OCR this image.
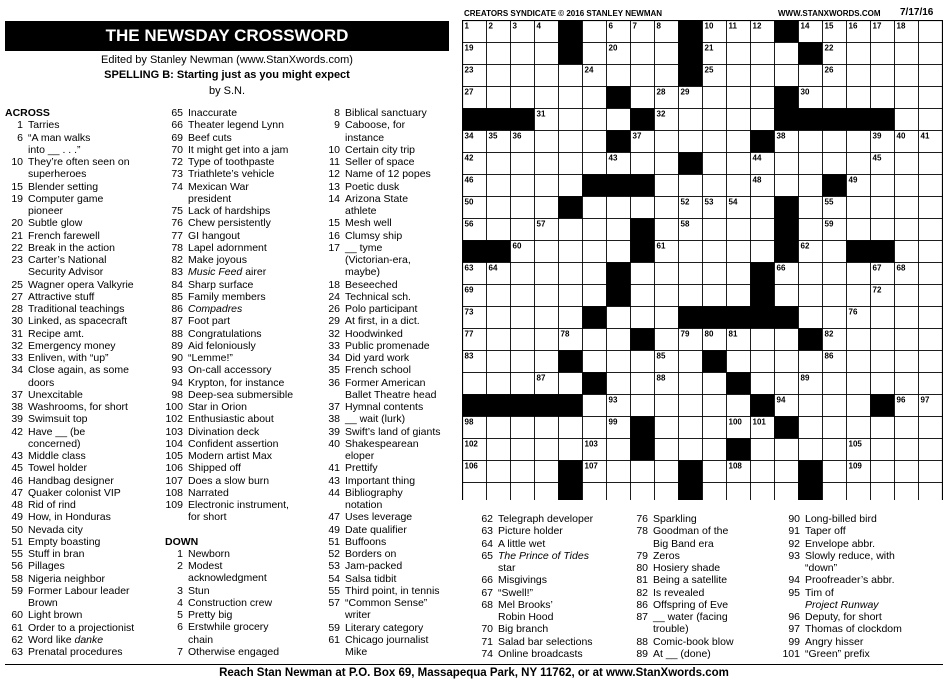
THE NEWSDAY CROSSWORD
Edited by Stanley Newman (www.StanXwords.com)
SPELLING B: Starting just as you might expect
by S.N.
CREATORS SYNDICATE © 2016 STANLEY NEWMAN	WWW.STANXWORDS.COM 7/17/16
1 2 3 4 5	6 7 8 9 10 11 12 13 14 15 16 17 18
19	20	21	22
23	24	25	26
27	28 29	30
31	32	33
34 35 36	37	38	39 40 41
42	43	44	45
46	47	48	49
50	51	52 53 54	55
56	57	58	59
60	61	62
63 64	65	66	67 68
69	70	71	72
73	74	75	76
77	78	79 80 81	82
83	84	85	86
87	88	89
90 91 92	93	94	95 96 97
98	99	100 101
102	103	104	105
106	107	108	109
ACROSS
1 Tarries
6 “A man walks
into __ . . .”
10 They’re often seen on
superheroes
15 Blender setting
19 Computer game
pioneer
20 Subtle glow
21 French farewell
22 Break in the action
23 Carter’s National
Security Advisor
25 Wagner opera Valkyrie
27 Attractive stuff
28 Traditional teachings
30 Linked, as spacecraft
31 Recipe amt.
32 Emergency money
33 Enliven, with “up”
34 Close again, as some
doors
37 Unexcitable
38 Washrooms, for short
39 Swimsuit top
42 Have __ (be
concerned)
43 Middle class
45 Towel holder
46 Handbag designer
47 Quaker colonist VIP
48 Rid of rind
49 How, in Honduras
50 Nevada city
51 Empty boasting
55 Stuff in bran
56 Pillages
58 Nigeria neighbor
59 Former Labour leader
Brown
60 Light brown
61 Order to a projectionist
62 Word like danke
63 Prenatal procedures
65 Inaccurate
66 Theater legend Lynn
69 Beef cuts
70 It might get into a jam
72 Type of toothpaste
73 Triathlete’s vehicle
74 Mexican War
president
75 Lack of hardships
76 Chew persistently
77 GI hangout
78 Lapel adornment
82 Make joyous
83 Music Feed airer
84 Sharp surface
85 Family members
86 Compadres
87 Foot part
88 Congratulations
89 Aid feloniously
90 “Lemme!”
93 On-call accessory
94 Krypton, for instance
98 Deep-sea submersible
100 Star in Orion
102 Enthusiastic about
103 Divination deck
104 Confident assertion
105 Modern artist Max
106 Shipped off
107 Does a slow burn
108 Narrated
109 Electronic instrument,
for short
DOWN
1 Newborn
2 Modest
acknowledgment
3 Stun
4 Construction crew
5 Pretty big
6 Erstwhile grocery
chain
7 Otherwise engaged
8 Biblical sanctuary
9 Caboose, for
instance
10 Certain city trip
11 Seller of space
12 Name of 12 popes
13 Poetic dusk
14 Arizona State
athlete
15 Mesh well
16 Clumsy ship
17 __ tyme
(Victorian-era,
maybe)
18 Beseeched
24 Technical sch.
26 Polo participant
29 At first, in a dict.
32 Hoodwinked
33 Public promenade
34 Did yard work
35 French school
36 Former American
Ballet Theatre head
37 Hymnal contents
38 __ wait (lurk)
39 Swift’s land of giants
40 Shakespearean
eloper
41 Prettify
43 Important thing
44 Bibliography
notation
47 Uses leverage
49 Date qualifier
51 Buffoons
52 Borders on
53 Jam-packed
54 Salsa tidbit
55 Third point, in tennis
57 “Common Sense”
writer
59 Literary category
61 Chicago journalist
Mike
62 Telegraph developer
63 Picture holder
64 A little wet
65 The Prince of Tides
star
66 Misgivings
67 “Swell!”
68 Mel Brooks’
Robin Hood
70 Big branch
71 Salad bar selections
74 Online broadcasts
76 Sparkling
78 Goodman of the
Big Band era
79 Zeros
80 Hosiery shade
81 Being a satellite
82 Is revealed
86 Offspring of Eve
87 __ water (facing
trouble)
88 Comic-book blow
89 At __ (done)
90 Long-billed bird
91 Taper off
92 Envelope abbr.
93 Slowly reduce, with
“down”
94 Proofreader’s abbr.
95 Tim of
Project Runway
96 Deputy, for short
97 Thomas of clockdom
99 Angry hisser
101 “Green” prefix
Reach Stan Newman at P.O. Box 69, Massapequa Park, NY 11762, or at www.StanXwords.com
